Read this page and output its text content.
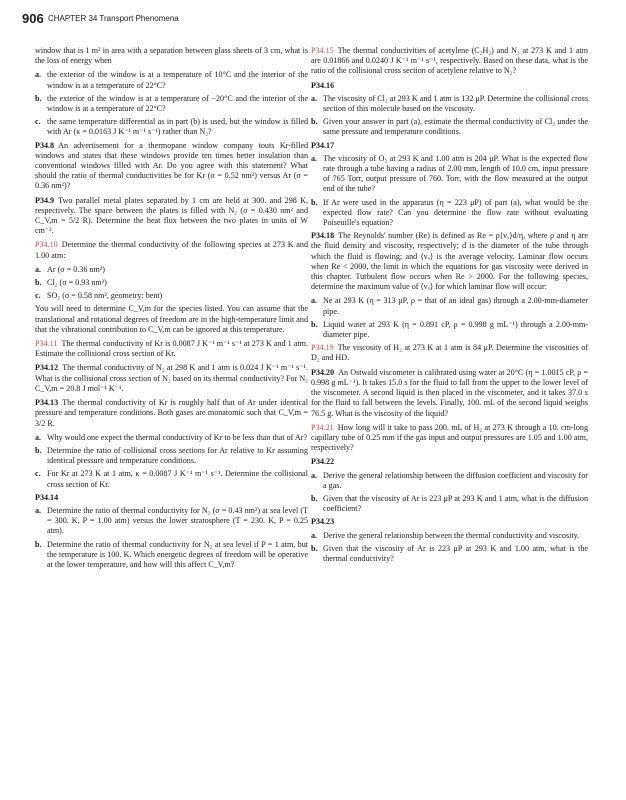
906 CHAPTER 34 Transport Phenomena

window that is 1 m² in area with a separation between glass sheets of 3 cm, what is the loss of energy when

a. the exterior of the window is at a temperature of 10°C and the interior of the window is at a temperature of 22°C?
b. the exterior of the window is at a temperature of −20°C and the interior of the window is at a temperature of 22°C?
c. the same temperature differential as in part (b) is used, but the window is filled with Ar (κ = 0.0163 J K⁻¹ m⁻¹ s⁻¹) rather than N₂?

P34.8  An advertisement for a thermopane window company touts Kr-filled windows and states that these windows provide ten times better insulation than conventional windows filled with Ar. Do you agree with this statement? What should the ratio of thermal conductivities be for Kr (σ = 0.52 nm²) versus Ar (σ = 0.36 nm²)?

P34.9  Two parallel metal plates separated by 1 cm are held at 300. and 298 K, respectively. The space between the plates is filled with N₂ (σ = 0.430 nm² and C_V,m = 5/2 R). Determine the heat flux between the two plates in units of W cm⁻².

P34.10  Determine the thermal conductivity of the following species at 273 K and 1.00 atm:

a. Ar (σ = 0.36 nm²)
b. Cl₂ (σ = 0.93 nm²)
c. SO₂ (σ = 0.58 nm², geometry: bent)

You will need to determine C_V,m for the species listed. You can assume that the translational and rotational degrees of freedom are in the high-temperature limit and that the vibrational contribution to C_V,m can be ignored at this temperature.

P34.11  The thermal conductivity of Kr is 0.0087 J K⁻¹ m⁻¹ s⁻¹ at 273 K and 1 atm. Estimate the collisional cross section of Kr.

P34.12  The thermal conductivity of N₂ at 298 K and 1 atm is 0.024 J K⁻¹ m⁻¹ s⁻¹. What is the collisional cross section of N₂ based on its thermal conductivity? For N₂ C_V,m = 20.8 J mol⁻¹ K⁻¹.

P34.13  The thermal conductivity of Kr is roughly half that of Ar under identical pressure and temperature conditions. Both gases are monatomic such that C_V,m = 3/2 R.

a. Why would one expect the thermal conductivity of Kr to be less than that of Ar?
b. Determine the ratio of collisional cross sections for Ar relative to Kr assuming identical pressure and temperature conditions.
c. For Kr at 273 K at 1 atm, κ = 0.0087 J K⁻¹ m⁻¹ s⁻¹. Determine the collisional cross section of Kr.
P34.14
a. Determine the ratio of thermal conductivity for N₂ (σ = 0.43 nm²) at sea level (T = 300. K, P = 1.00 atm) versus the lower stratosphere (T = 230. K, P = 0.25 atm).
b. Determine the ratio of thermal conductivity for N₂ at sea level if P = 1 atm, but the temperature is 100. K. Which energetic degrees of freedom will be operative at the lower temperature, and how will this affect C_V,m?

P34.15  The thermal conductivities of acetylene (C₂H₂) and N₂ at 273 K and 1 atm are 0.01866 and 0.0240 J K⁻¹ m⁻¹ s⁻¹, respectively. Based on these data, what is the ratio of the collisional cross section of acetylene relative to N₂?

P34.16
a. The viscosity of Cl₂ at 293 K and 1 atm is 132 μP. Determine the collisional cross section of this molecule based on the viscosity.
b. Given your answer in part (a), estimate the thermal conductivity of Cl₂ under the same pressure and temperature conditions.
P34.17
a. The viscosity of O₂ at 293 K and 1.00 atm is 204 μP. What is the expected flow rate through a tube having a radius of 2.00 mm, length of 10.0 cm, input pressure of 765 Torr, output pressure of 760. Torr, with the flow measured at the output end of the tube?
b. If Ar were used in the apparatus (η = 223 μP) of part (a), what would be the expected flow rate? Can you determine the flow rate without evaluating Poiseuille's equation?

P34.18  The Reynolds' number (Re) is defined as Re = ρ⟨vₓ⟩d/η, where ρ and η are the fluid density and viscosity, respectively; d is the diameter of the tube through which the fluid is flowing; and ⟨vₓ⟩ is the average velocity. Laminar flow occurs when Re < 2000, the limit in which the equations for gas viscosity were derived in this chapter. Turbulent flow occurs when Re > 2000. For the following species, determine the maximum value of ⟨vₓ⟩ for which laminar flow will occur:

a. Ne at 293 K (η = 313 μP, ρ = that of an ideal gas) through a 2.00-mm-diameter pipe.
b. Liquid water at 293 K (η = 0.891 cP, ρ = 0.998 g mL⁻¹) through a 2.00-mm-diameter pipe.

P34.19  The viscosity of H₂ at 273 K at 1 atm is 84 μP. Determine the viscosities of D₂ and HD.

P34.20  An Ostwald viscometer is calibrated using water at 20°C (η = 1.0015 cP, ρ = 0.998 g mL⁻¹). It takes 15.0 s for the fluid to fall from the upper to the lower level of the viscometer. A second liquid is then placed in the viscometer, and it takes 37.0 s for the fluid to fall between the levels. Finally, 100. mL of the second liquid weighs 76.5 g. What is the viscosity of the liquid?

P34.21  How long will it take to pass 200. mL of H₂ at 273 K through a 10. cm-long capillary tube of 0.25 mm if the gas input and output pressures are 1.05 and 1.00 atm, respectively?

P34.22
a. Derive the general relationship between the diffusion coefficient and viscosity for a gas.
b. Given that the viscosity of Ar is 223 μP at 293 K and 1 atm, what is the diffusion coefficient?
P34.23
a. Derive the general relationship between the thermal conductivity and viscosity.
b. Given that the viscosity of Ar is 223 μP at 293 K and 1.00 atm, what is the thermal conductivity?
